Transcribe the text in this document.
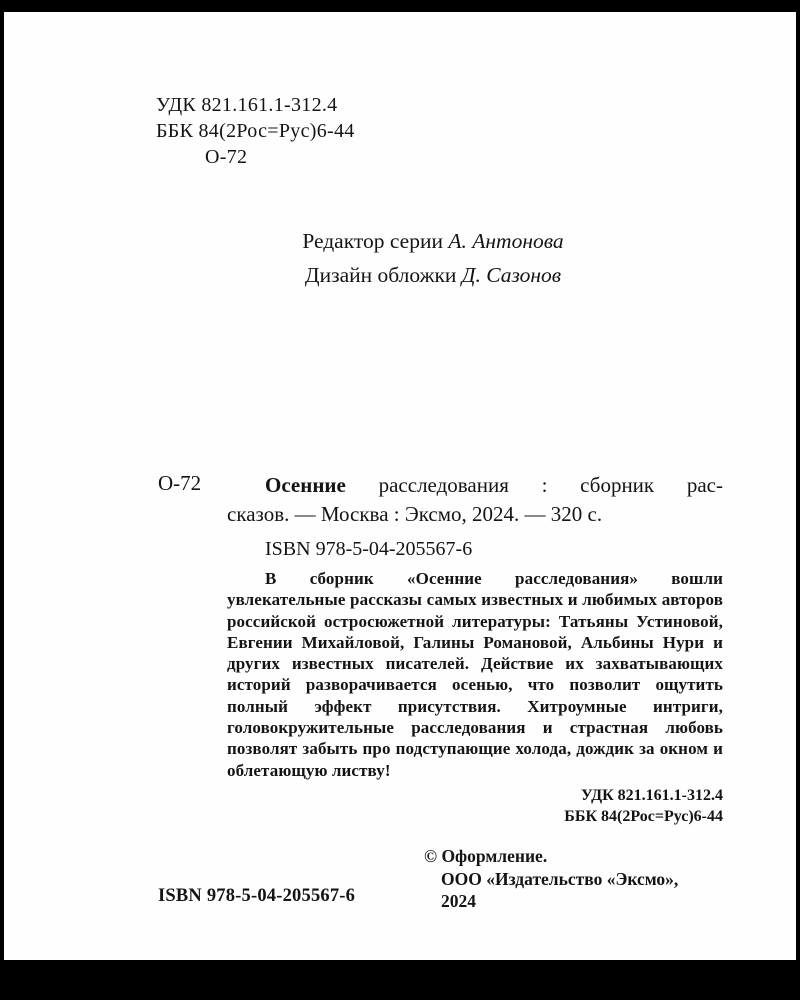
УДК 821.161.1-312.4
ББК 84(2Рос=Рус)6-44
О-72
Редактор серии А. Антонова
Дизайн обложки Д. Сазонов
О-72	Осенние расследования : сборник рас-
сказов. — Москва : Эксмо, 2024. — 320 с.
ISBN 978-5-04-205567-6
В сборник «Осенние расследования» вошли увлекательные рассказы самых известных и любимых авторов российской остросюжетной литературы: Татьяны Устиновой, Евгении Михайловой, Галины Романовой, Альбины Нури и других известных писателей. Действие их захватывающих историй разворачивается осенью, что позволит ощутить полный эффект присутствия. Хитроумные интриги, головокружительные расследования и страстная любовь позволят забыть про подступающие холода, дождик за окном и облетающую листву!
УДК 821.161.1-312.4
ББК 84(2Рос=Рус)6-44
© Оформление.
ООО «Издательство «Эксмо»,
2024
ISBN 978-5-04-205567-6
